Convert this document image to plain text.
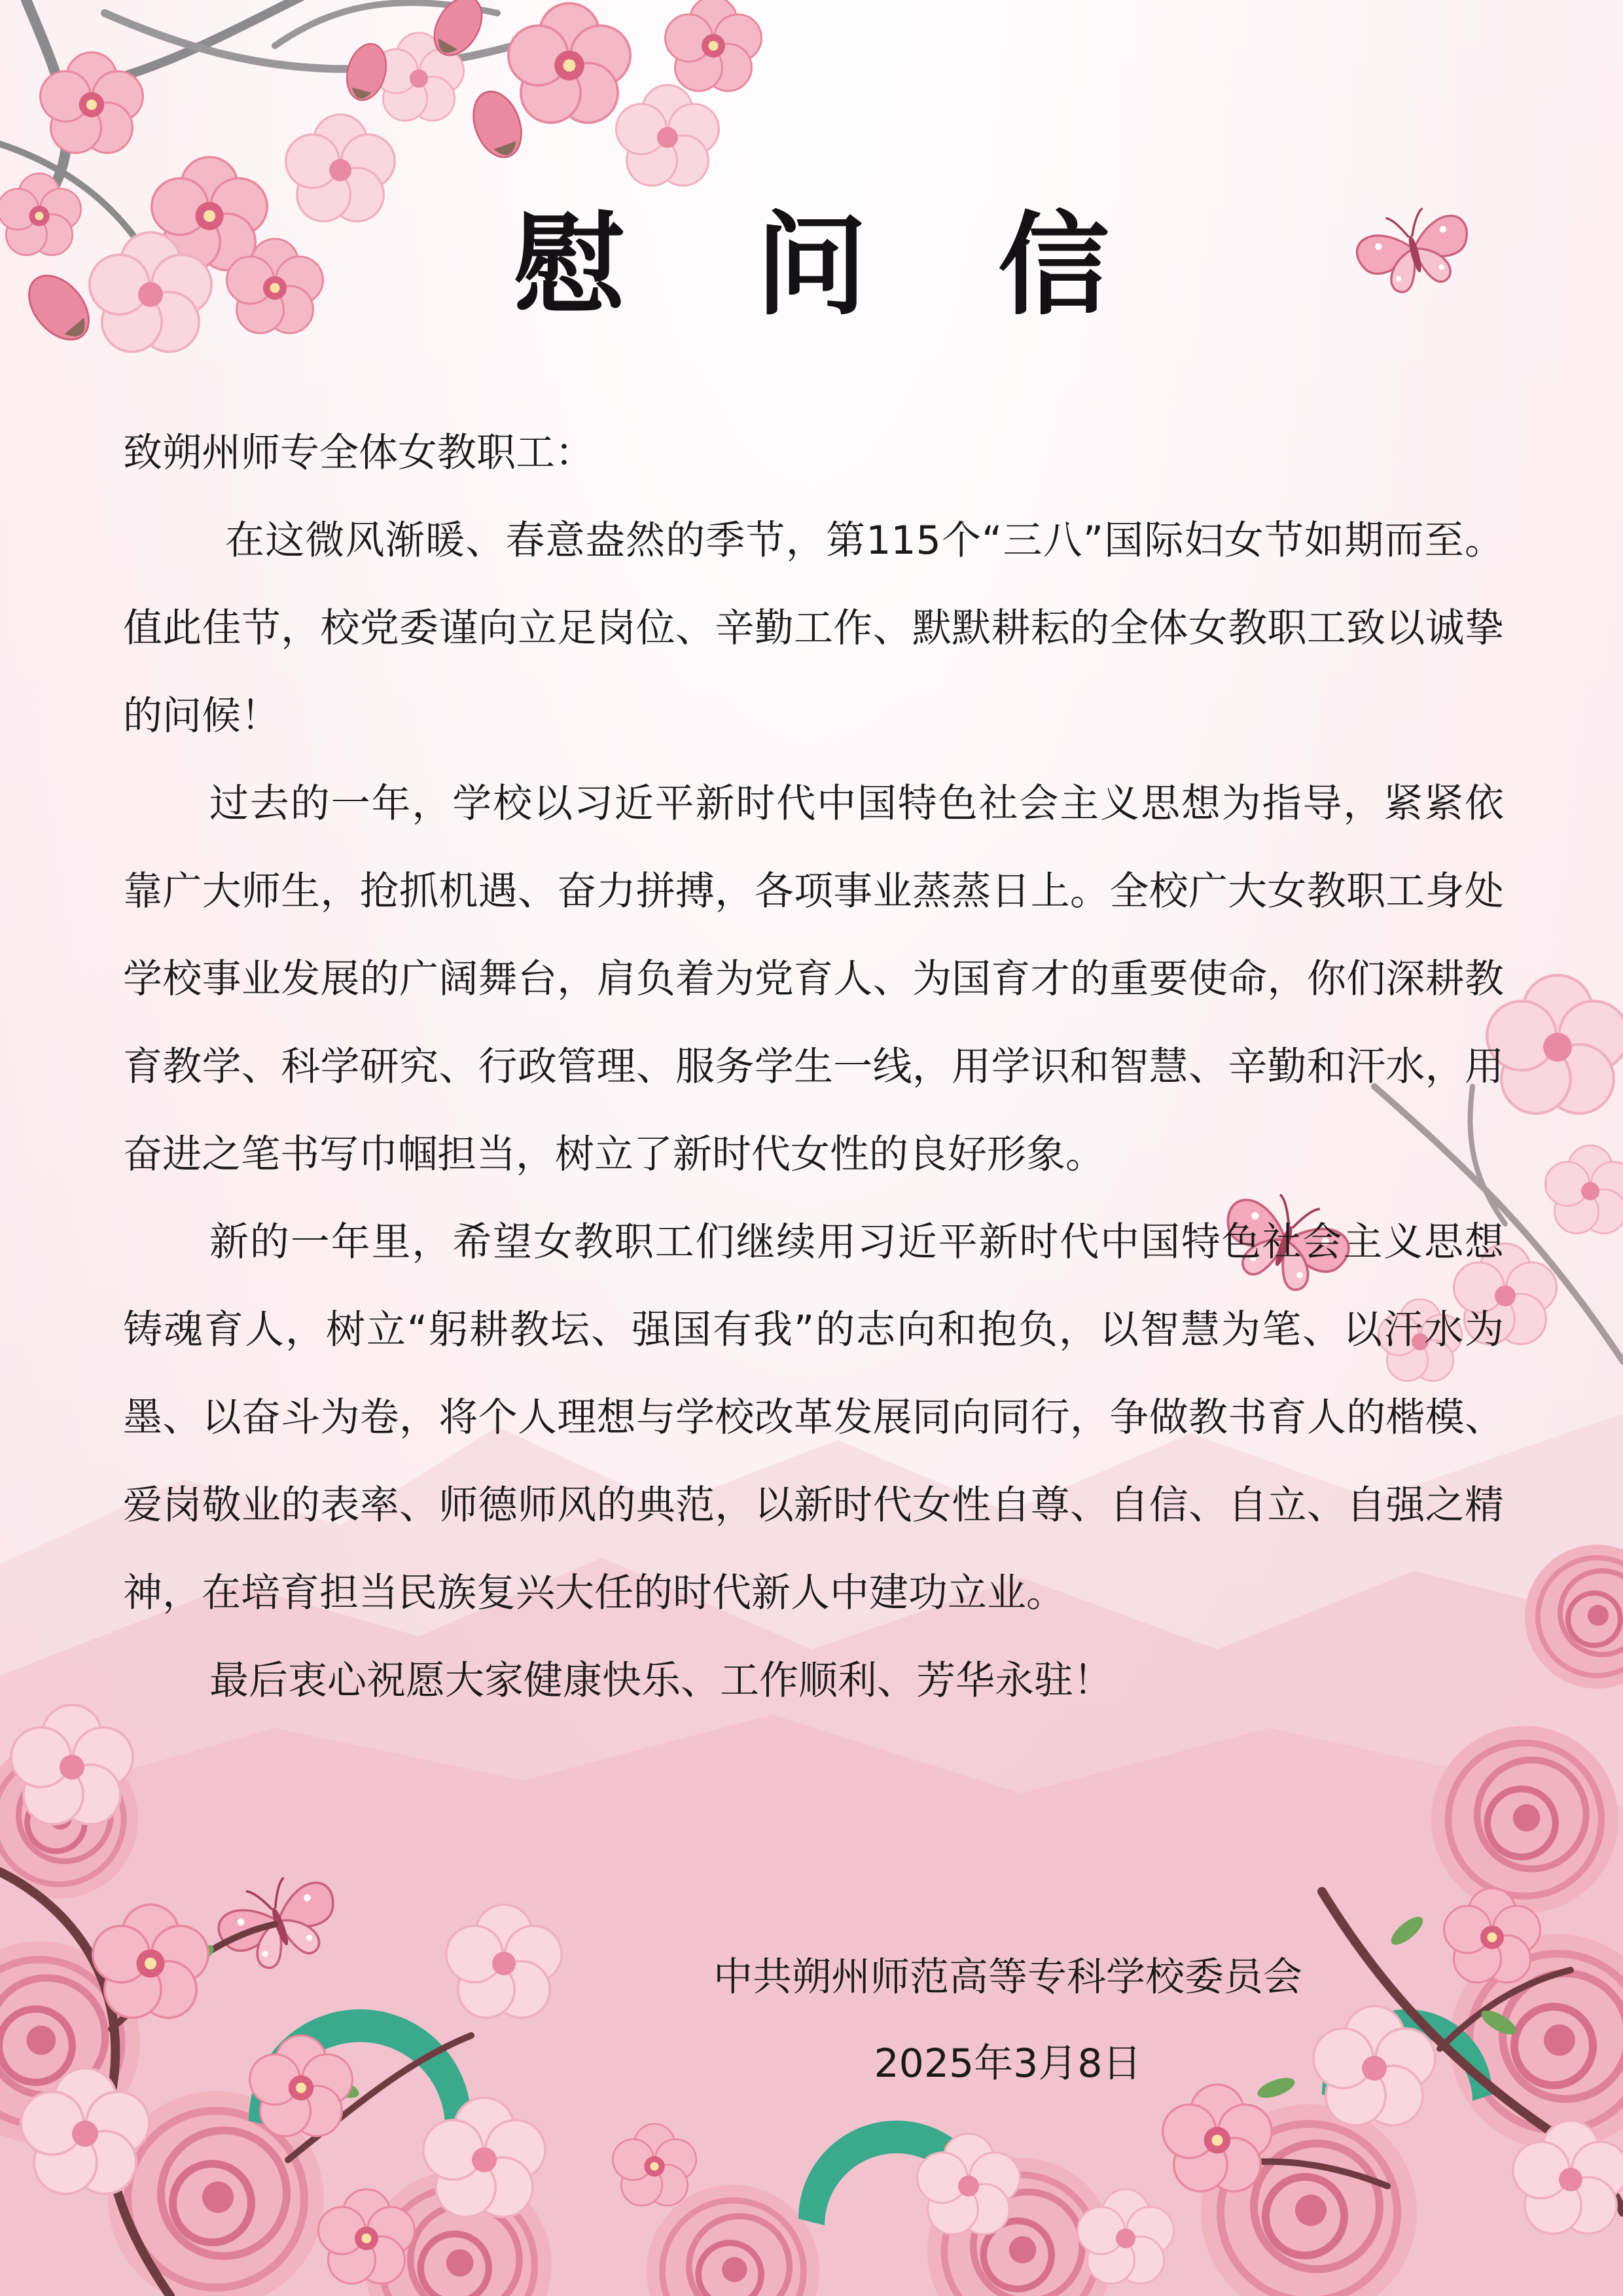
慰问信

致朔州师专全体女教职工：

在这微风渐暖、春意盎然的季节，第115个“三八”国际妇女节如期而至。值此佳节，校党委谨向立足岗位、辛勤工作、默默耕耘的全体女教职工致以诚挚的问候！

过去的一年，学校以习近平新时代中国特色社会主义思想为指导，紧紧依靠广大师生，抢抓机遇、奋力拼搏，各项事业蒸蒸日上。全校广大女教职工身处学校事业发展的广阔舞台，肩负着为党育人、为国育才的重要使命，你们深耕教育教学、科学研究、行政管理、服务学生一线，用学识和智慧、辛勤和汗水，用奋进之笔书写巾帼担当，树立了新时代女性的良好形象。

新的一年里，希望女教职工们继续用习近平新时代中国特色社会主义思想铸魂育人，树立“躬耕教坛、强国有我”的志向和抱负，以智慧为笔、以汗水为墨、以奋斗为卷，将个人理想与学校改革发展同向同行，争做教书育人的楷模、爱岗敬业的表率、师德师风的典范，以新时代女性自尊、自信、自立、自强之精神，在培育担当民族复兴大任的时代新人中建功立业。

最后衷心祝愿大家健康快乐、工作顺利、芳华永驻！

中共朔州师范高等专科学校委员会
2025年3月8日
